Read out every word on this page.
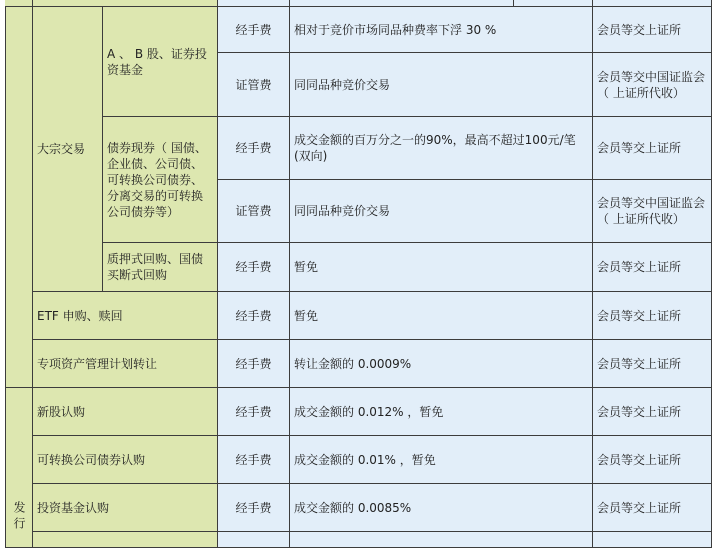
发行
大宗交易
A 、 B 股、证券投资基金
债券现券（ 国债、企业债、公司债、可转换公司债券、分离交易的可转换公司债券等）
质押式回购、国债买断式回购
ETF 申购、赎回
专项资产管理计划转让
新股认购
可转换公司债券认购
投资基金认购
经手费
证管费
经手费
证管费
经手费
经手费
经手费
经手费
经手费
经手费
相对于竞价市场同品种费率下浮 30 %
同同品种竞价交易
成交金额的百万分之一的90%，最高不超过100元/笔(双向)
同同品种竞价交易
暂免
暂免
转让金额的 0.0009%
成交金额的 0.012% ，暂免
成交金额的 0.01% ，暂免
成交金额的 0.0085%
会员等交上证所
会员等交中国证监会（ 上证所代收）
会员等交上证所
会员等交中国证监会（ 上证所代收）
会员等交上证所
会员等交上证所
会员等交上证所
会员等交上证所
会员等交上证所
会员等交上证所
